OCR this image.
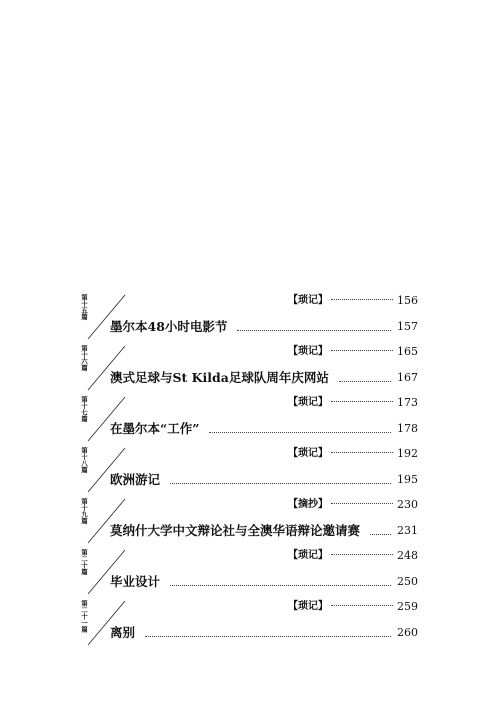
第十五篇	【琐记】	156
墨尔本48小时电影节	157
第十六篇	【琐记】	165
澳式足球与St Kilda足球队周年庆网站	167
第十七篇	【琐记】	173
在墨尔本“工作”	178
第十八篇	【琐记】	192
欧洲游记	195
第十九篇	【摘抄】	230
莫纳什大学中文辩论社与全澳华语辩论邀请赛	231
第二十篇	【琐记】	248
毕业设计	250
第二十一篇	【琐记】	259
离别	260
